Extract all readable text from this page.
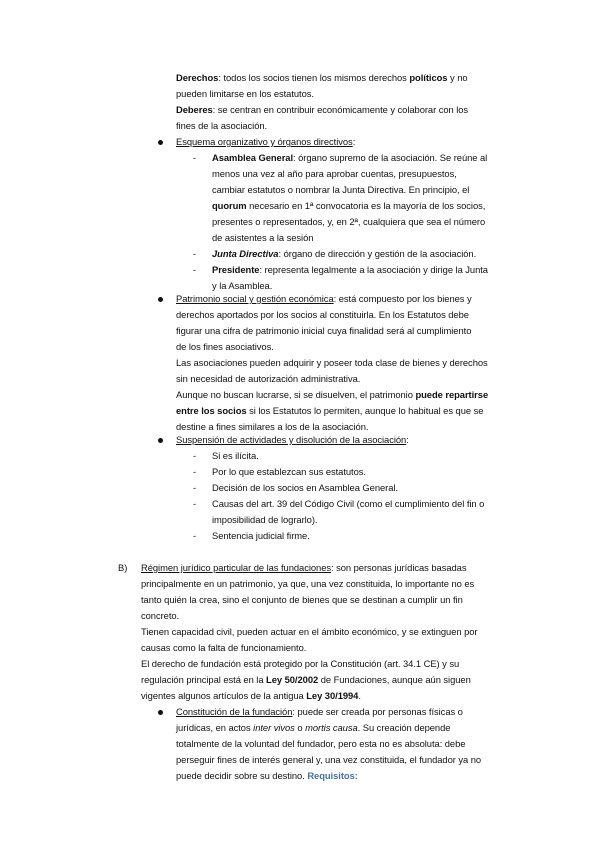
Derechos: todos los socios tienen los mismos derechos políticos y no
pueden limitarse en los estatutos.
Deberes: se centran en contribuir económicamente y colaborar con los
fines de la asociación.
Esquema organizativo y órganos directivos:
- Asamblea General: órgano supremo de la asociación. Se reúne al
menos una vez al año para aprobar cuentas, presupuestos,
cambiar estatutos o nombrar la Junta Directiva. En principio, el
quorum necesario en 1ª convocatoria es la mayoría de los socios,
presentes o representados, y, en 2ª, cualquiera que sea el número
de asistentes a la sesión
- Junta Directiva: órgano de dirección y gestión de la asociación.
- Presidente: representa legalmente a la asociación y dirige la Junta
y la Asamblea.
Patrimonio social y gestión económica: está compuesto por los bienes y
derechos aportados por los socios al constituirla. En los Estatutos debe
figurar una cifra de patrimonio inicial cuya finalidad será al cumplimiento
de los fines asociativos.
Las asociaciones pueden adquirir y poseer toda clase de bienes y derechos
sin necesidad de autorización administrativa.
Aunque no buscan lucrarse, si se disuelven, el patrimonio puede repartirse
entre los socios si los Estatutos lo permiten, aunque lo habitual es que se
destine a fines similares a los de la asociación.
Suspensión de actividades y disolución de la asociación:
- Si es ilícita.
- Por lo que establezcan sus estatutos.
- Decisión de los socios en Asamblea General.
- Causas del art. 39 del Código Civil (como el cumplimiento del fin o
imposibilidad de lograrlo).
- Sentencia judicial firme.
B) Régimen jurídico particular de las fundaciones: son personas jurídicas basadas
principalmente en un patrimonio, ya que, una vez constituida, lo importante no es
tanto quién la crea, sino el conjunto de bienes que se destinan a cumplir un fin
concreto.
Tienen capacidad civil, pueden actuar en el ámbito económico, y se extinguen por
causas como la falta de funcionamiento.
El derecho de fundación está protegido por la Constitución (art. 34.1 CE) y su
regulación principal está en la Ley 50/2002 de Fundaciones, aunque aún siguen
vigentes algunos artículos de la antigua Ley 30/1994.
Constitución de la fundación: puede ser creada por personas físicas o
jurídicas, en actos inter vivos o mortis causa. Su creación depende
totalmente de la voluntad del fundador, pero esta no es absoluta: debe
perseguir fines de interés general y, una vez constituida, el fundador ya no
puede decidir sobre su destino. Requisitos:
